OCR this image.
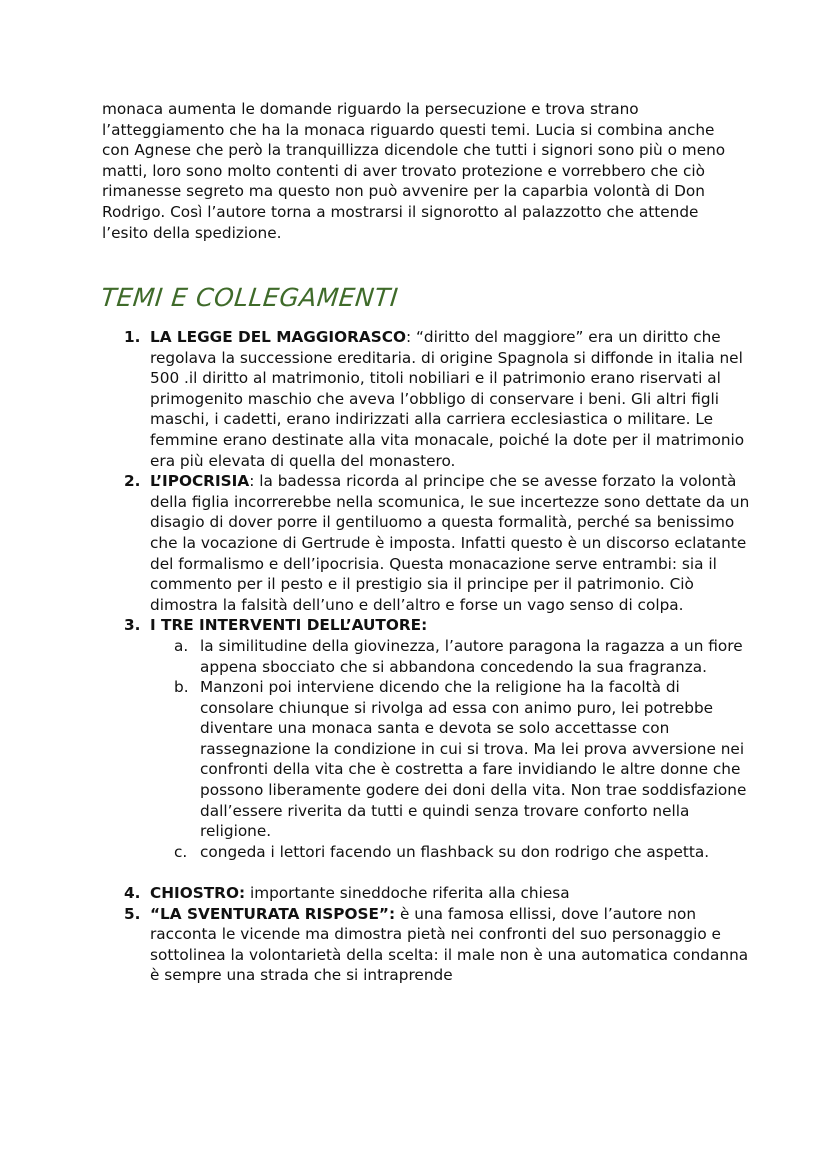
monaca aumenta le domande riguardo la persecuzione e trova strano l’atteggiamento che ha la monaca riguardo questi temi. Lucia si combina anche con Agnese che però la tranquillizza dicendole che tutti i signori sono più o meno matti, loro sono molto contenti di aver trovato protezione e vorrebbero che ciò rimanesse segreto ma questo non può avvenire per la caparbia volontà di Don Rodrigo. Così l’autore torna a mostrarsi il signorotto al palazzotto che attende l’esito della spedizione.

TEMI E COLLEGAMENTI
1. LA LEGGE DEL MAGGIORASCO: “diritto del maggiore” era un diritto che regolava la successione ereditaria. di origine Spagnola si diffonde in italia nel 500 .il diritto al matrimonio, titoli nobiliari e il patrimonio erano riservati al primogenito maschio che aveva l’obbligo di conservare i beni. Gli altri figli maschi, i cadetti, erano indirizzati alla carriera ecclesiastica o militare. Le femmine erano destinate alla vita monacale, poiché la dote per il matrimonio era più elevata di quella del monastero.
2. L’IPOCRISIA: la badessa ricorda al principe che se avesse forzato la volontà della figlia incorrerebbe nella scomunica, le sue incertezze sono dettate da un disagio di dover porre il gentiluomo a questa formalità, perché sa benissimo che la vocazione di Gertrude è imposta. Infatti questo è un discorso eclatante del formalismo e dell’ipocrisia. Questa monacazione serve entrambi: sia il commento per il pesto e il prestigio sia il principe per il patrimonio. Ciò dimostra la falsità dell’uno e dell’altro e forse un vago senso di colpa.
3. I TRE INTERVENTI DELL’AUTORE:
a. la similitudine della giovinezza, l’autore paragona la ragazza a un fiore appena sbocciato che si abbandona concedendo la sua fragranza.
b. Manzoni poi interviene dicendo che la religione ha la facoltà di consolare chiunque si rivolga ad essa con animo puro, lei potrebbe diventare una monaca santa e devota se solo accettasse con rassegnazione la condizione in cui si trova. Ma lei prova avversione nei confronti della vita che è costretta a fare invidiando le altre donne che possono liberamente godere dei doni della vita. Non trae soddisfazione dall’essere riverita da tutti e quindi senza trovare conforto nella religione.
c. congeda i lettori facendo un flashback su don rodrigo che aspetta.
4. CHIOSTRO: importante sineddoche riferita alla chiesa
5. “LA SVENTURATA RISPOSE”: è una famosa ellissi, dove l’autore non racconta le vicende ma dimostra pietà nei confronti del suo personaggio e sottolinea la volontarietà della scelta: il male non è una automatica condanna è sempre una strada che si intraprende
